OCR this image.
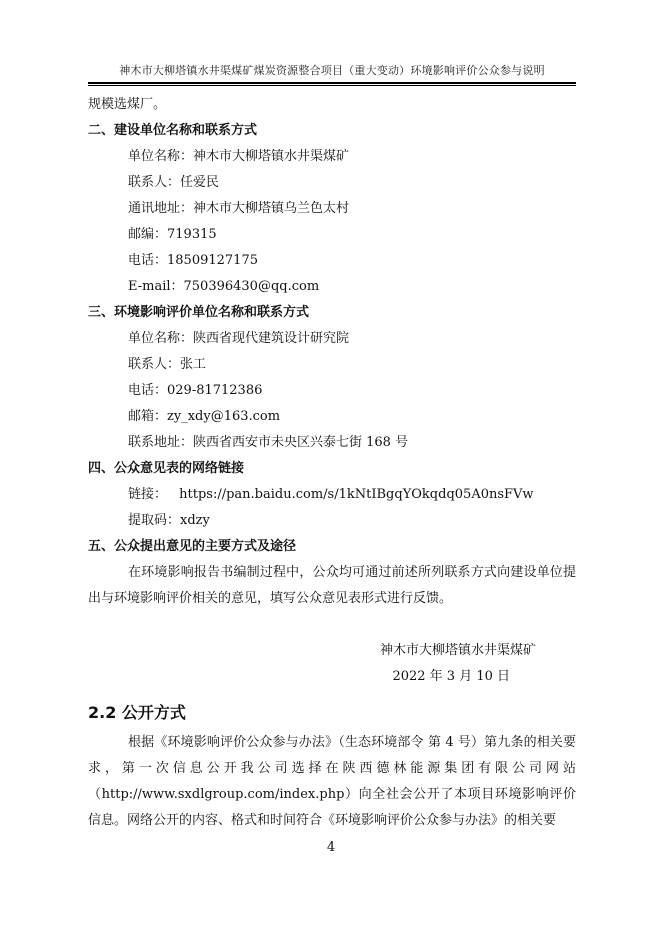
神木市大柳塔镇水井渠煤矿煤炭资源整合项目（重大变动）环境影响评价公众参与说明
规模选煤厂。
二、建设单位名称和联系方式
单位名称：神木市大柳塔镇水井渠煤矿
联系人：任爱民
通讯地址：神木市大柳塔镇乌兰色太村
邮编：719315
电话：18509127175
E-mail：750396430@qq.com
三、环境影响评价单位名称和联系方式
单位名称：陕西省现代建筑设计研究院
联系人：张工
电话：029-81712386
邮箱：zy_xdy@163.com
联系地址：陕西省西安市未央区兴泰七街 168 号
四、公众意见表的网络链接
链接： https://pan.baidu.com/s/1kNtIBgqYOkqdq05A0nsFVw
提取码：xdzy
五、公众提出意见的主要方式及途径
在环境影响报告书编制过程中，公众均可通过前述所列联系方式向建设单位提出与环境影响评价相关的意见，填写公众意见表形式进行反馈。
神木市大柳塔镇水井渠煤矿
2022 年 3 月 10 日
2.2 公开方式
根据《环境影响评价公众参与办法》（生态环境部令 第 4 号）第九条的相关要求，第一次信息公开我公司选择在陕西德林能源集团有限公司网站（http://www.sxdlgroup.com/index.php）向全社会公开了本项目环境影响评价信息。网络公开的内容、格式和时间符合《环境影响评价公众参与办法》的相关要
4
